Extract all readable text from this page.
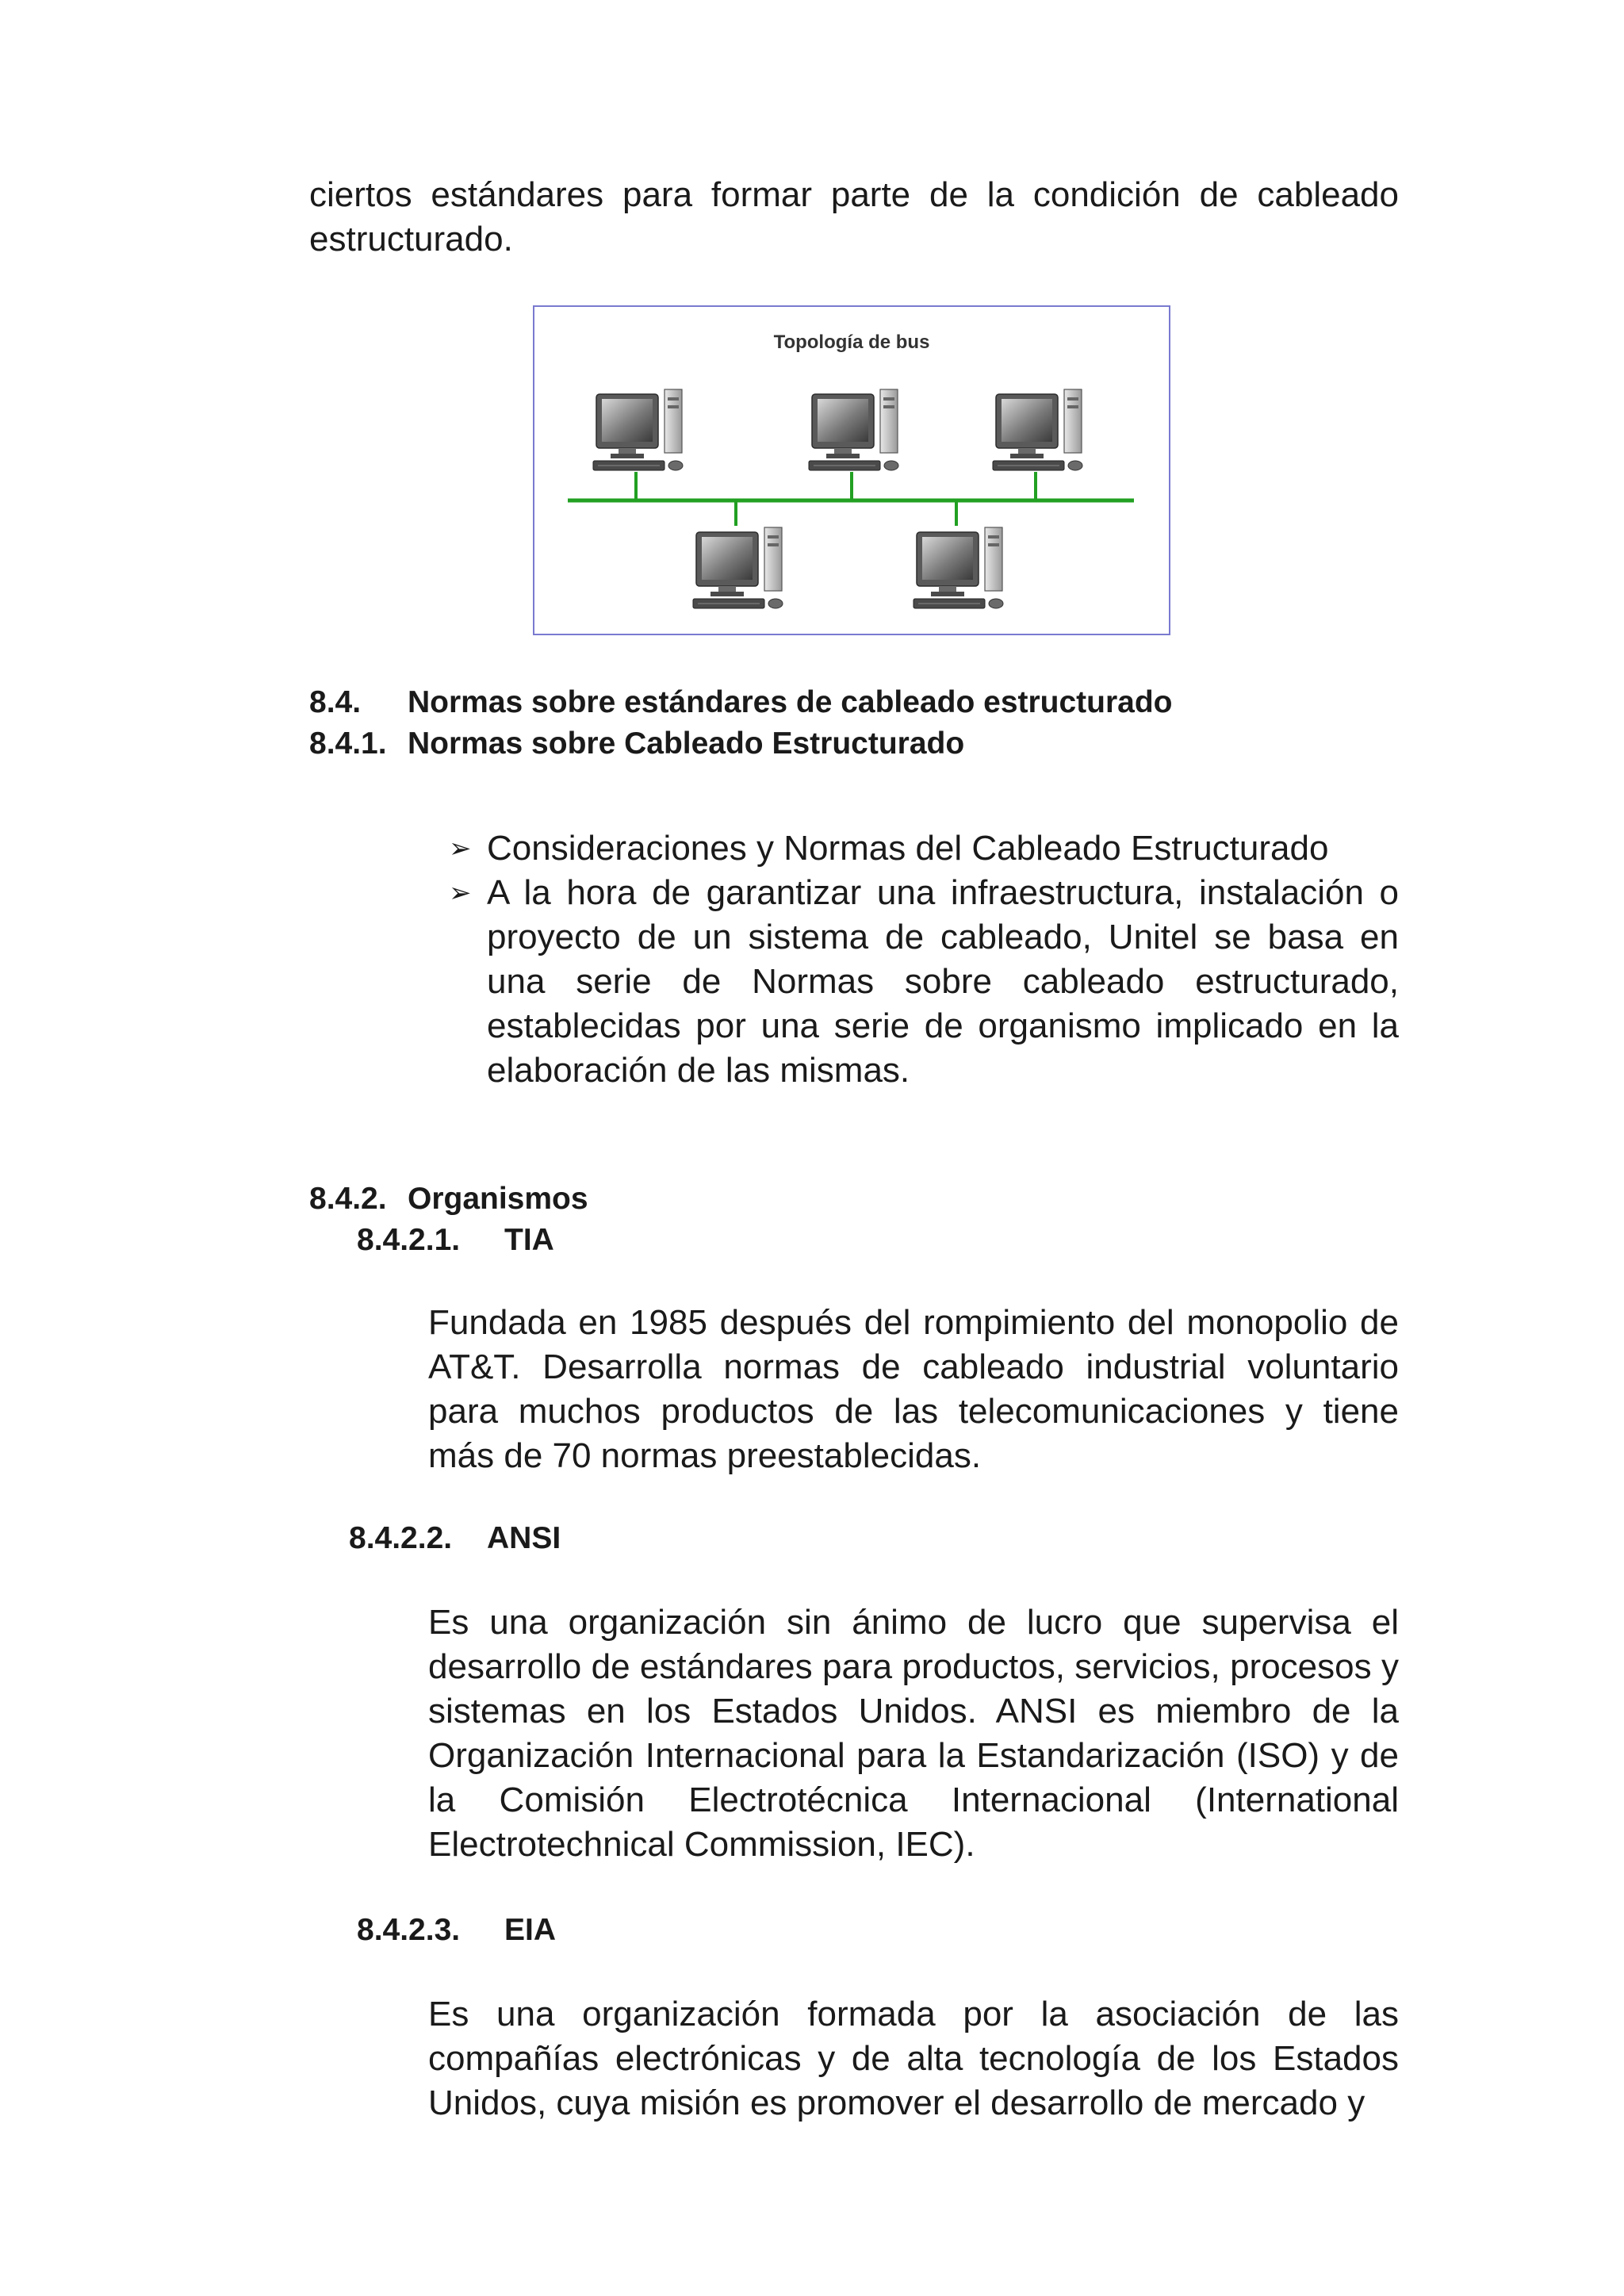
ciertos estándares para formar parte de la condición de cableado estructurado.

Topología de bus
8.4. Normas sobre estándares de cableado estructurado
8.4.1. Normas sobre Cableado Estructurado
➢ Consideraciones y Normas del Cableado Estructurado
➢ A la hora de garantizar una infraestructura, instalación o proyecto de un sistema de cableado, Unitel se basa en una serie de Normas sobre cableado estructurado, establecidas por una serie de organismo implicado en la elaboración de las mismas.
8.4.2. Organismos
8.4.2.1. TIA

Fundada en 1985 después del rompimiento del monopolio de AT&T. Desarrolla normas de cableado industrial voluntario para muchos productos de las telecomunicaciones y tiene más de 70 normas preestablecidas.

8.4.2.2. ANSI

Es una organización sin ánimo de lucro que supervisa el desarrollo de estándares para productos, servicios, procesos y sistemas en los Estados Unidos. ANSI es miembro de la Organización Internacional para la Estandarización (ISO) y de la Comisión Electrotécnica Internacional (International Electrotechnical Commission, IEC).

8.4.2.3. EIA

Es una organización formada por la asociación de las compañías electrónicas y de alta tecnología de los Estados Unidos, cuya misión es promover el desarrollo de mercado y
